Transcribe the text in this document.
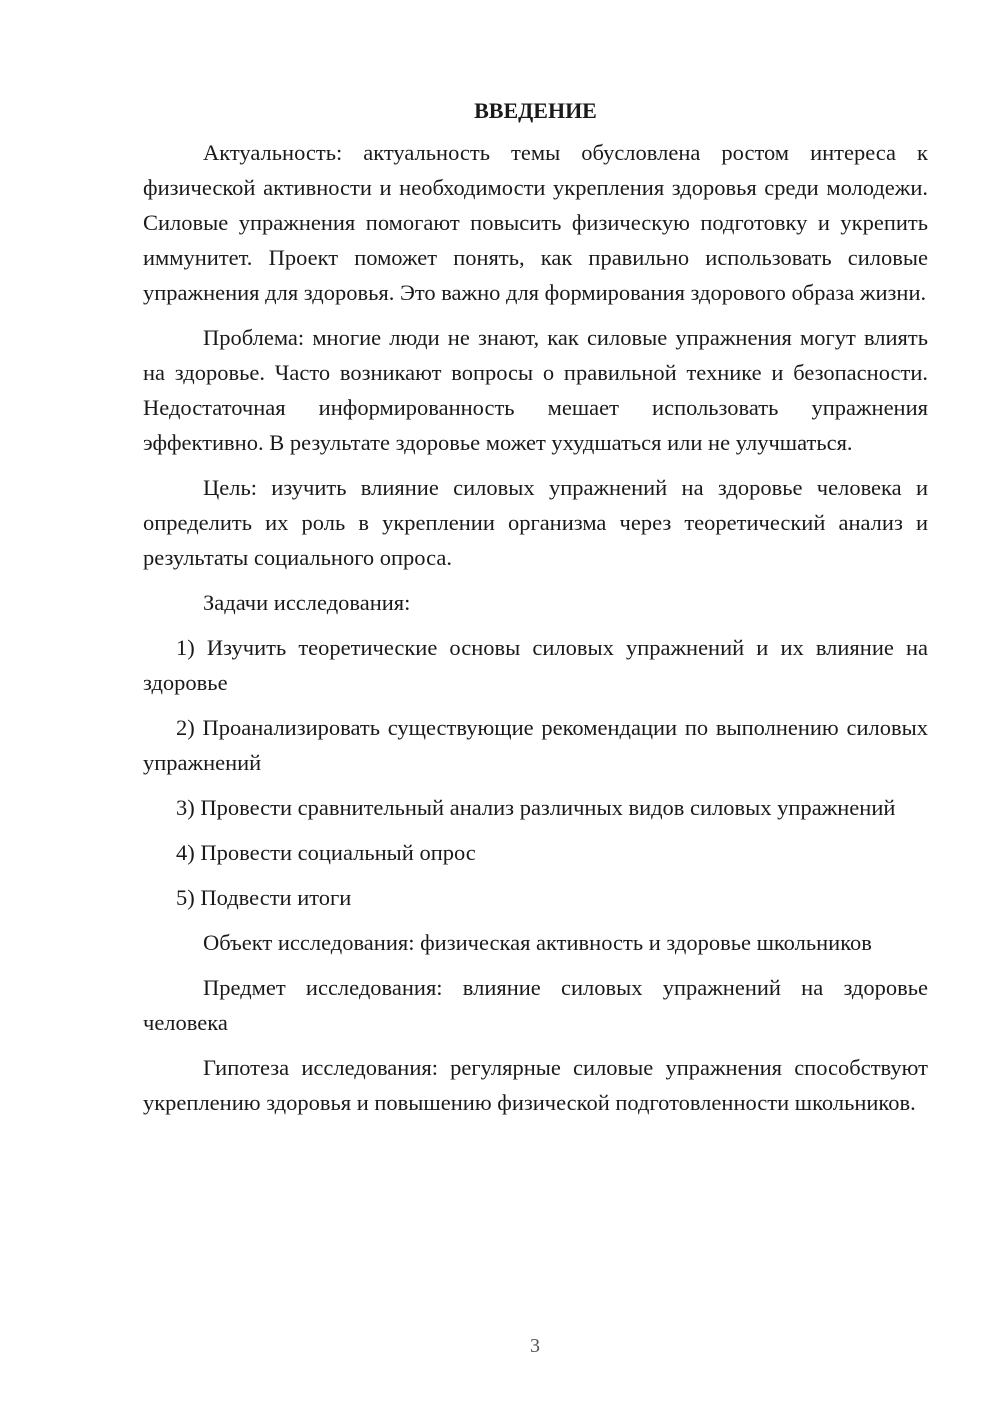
ВВЕДЕНИЕ
Актуальность: актуальность темы обусловлена ростом интереса к физической активности и необходимости укрепления здоровья среди молодежи. Силовые упражнения помогают повысить физическую подготовку и укрепить иммунитет. Проект поможет понять, как правильно использовать силовые упражнения для здоровья. Это важно для формирования здорового образа жизни.
Проблема: многие люди не знают, как силовые упражнения могут влиять на здоровье. Часто возникают вопросы о правильной технике и безопасности. Недостаточная информированность мешает использовать упражнения эффективно. В результате здоровье может ухудшаться или не улучшаться.
Цель: изучить влияние силовых упражнений на здоровье человека и определить их роль в укреплении организма через теоретический анализ и результаты социального опроса.
Задачи исследования:
1) Изучить теоретические основы силовых упражнений и их влияние на здоровье
2) Проанализировать существующие рекомендации по выполнению силовых упражнений
3) Провести сравнительный анализ различных видов силовых упражнений
4) Провести социальный опрос
5) Подвести итоги
Объект исследования: физическая активность и здоровье школьников
Предмет исследования: влияние силовых упражнений на здоровье человека
Гипотеза исследования: регулярные силовые упражнения способствуют укреплению здоровья и повышению физической подготовленности школьников.
3
